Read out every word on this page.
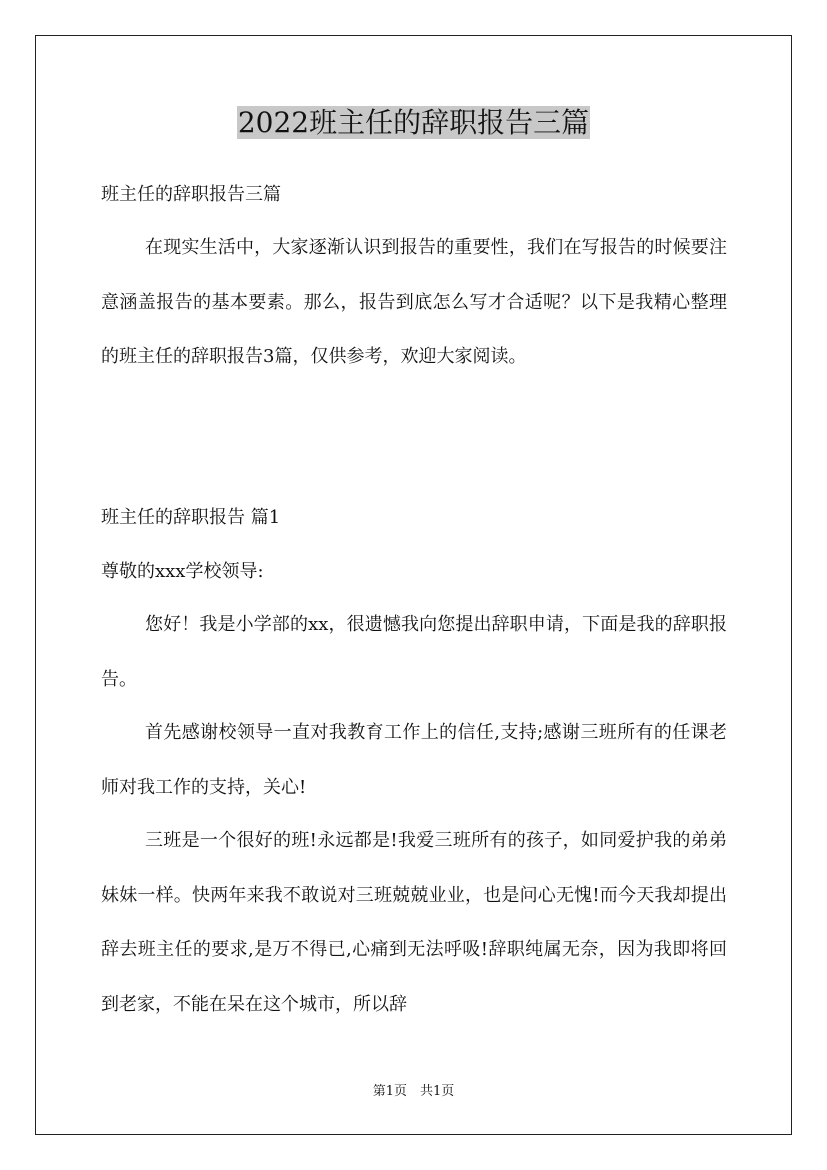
2022班主任的辞职报告三篇

班主任的辞职报告三篇

在现实生活中，大家逐渐认识到报告的重要性，我们在写报告的时候要注意涵盖报告的基本要素。那么，报告到底怎么写才合适呢？以下是我精心整理的班主任的辞职报告3篇，仅供参考，欢迎大家阅读。

班主任的辞职报告 篇1

尊敬的xxx学校领导:

您好！我是小学部的xx，很遗憾我向您提出辞职申请，下面是我的辞职报告。

首先感谢校领导一直对我教育工作上的信任,支持;感谢三班所有的任课老师对我工作的支持，关心!

三班是一个很好的班!永远都是!我爱三班所有的孩子，如同爱护我的弟弟妹妹一样。快两年来我不敢说对三班兢兢业业，也是问心无愧!而今天我却提出辞去班主任的要求,是万不得已,心痛到无法呼吸!辞职纯属无奈，因为我即将回到老家，不能在呆在这个城市，所以辞

第1页　共1页
